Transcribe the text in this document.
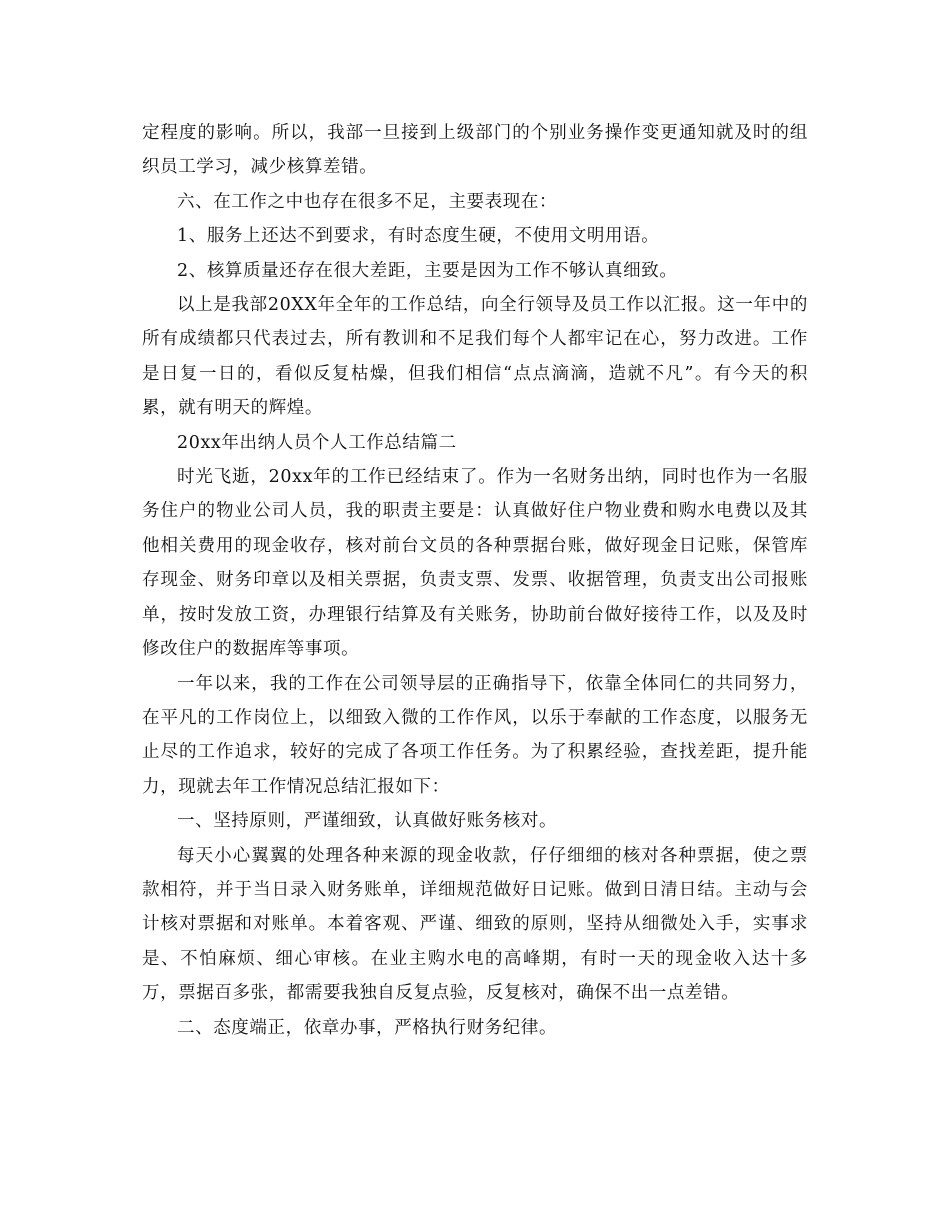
定程度的影响。所以，我部一旦接到上级部门的个别业务操作变更通知就及时的组织员工学习，减少核算差错。

六、在工作之中也存在很多不足，主要表现在：

1、服务上还达不到要求，有时态度生硬，不使用文明用语。

2、核算质量还存在很大差距，主要是因为工作不够认真细致。

以上是我部20XX年全年的工作总结，向全行领导及员工作以汇报。这一年中的所有成绩都只代表过去，所有教训和不足我们每个人都牢记在心，努力改进。工作是日复一日的，看似反复枯燥，但我们相信“点点滴滴，造就不凡”。有今天的积累，就有明天的辉煌。

20xx年出纳人员个人工作总结篇二

时光飞逝，20xx年的工作已经结束了。作为一名财务出纳，同时也作为一名服务住户的物业公司人员，我的职责主要是：认真做好住户物业费和购水电费以及其他相关费用的现金收存，核对前台文员的各种票据台账，做好现金日记账，保管库存现金、财务印章以及相关票据，负责支票、发票、收据管理，负责支出公司报账单，按时发放工资，办理银行结算及有关账务，协助前台做好接待工作，以及及时修改住户的数据库等事项。

一年以来，我的工作在公司领导层的正确指导下，依靠全体同仁的共同努力，在平凡的工作岗位上，以细致入微的工作作风，以乐于奉献的工作态度，以服务无止尽的工作追求，较好的完成了各项工作任务。为了积累经验，查找差距，提升能力，现就去年工作情况总结汇报如下：

一、坚持原则，严谨细致，认真做好账务核对。

每天小心翼翼的处理各种来源的现金收款，仔仔细细的核对各种票据，使之票款相符，并于当日录入财务账单，详细规范做好日记账。做到日清日结。主动与会计核对票据和对账单。本着客观、严谨、细致的原则，坚持从细微处入手，实事求是、不怕麻烦、细心审核。在业主购水电的高峰期，有时一天的现金收入达十多万，票据百多张，都需要我独自反复点验，反复核对，确保不出一点差错。

二、态度端正，依章办事，严格执行财务纪律。
